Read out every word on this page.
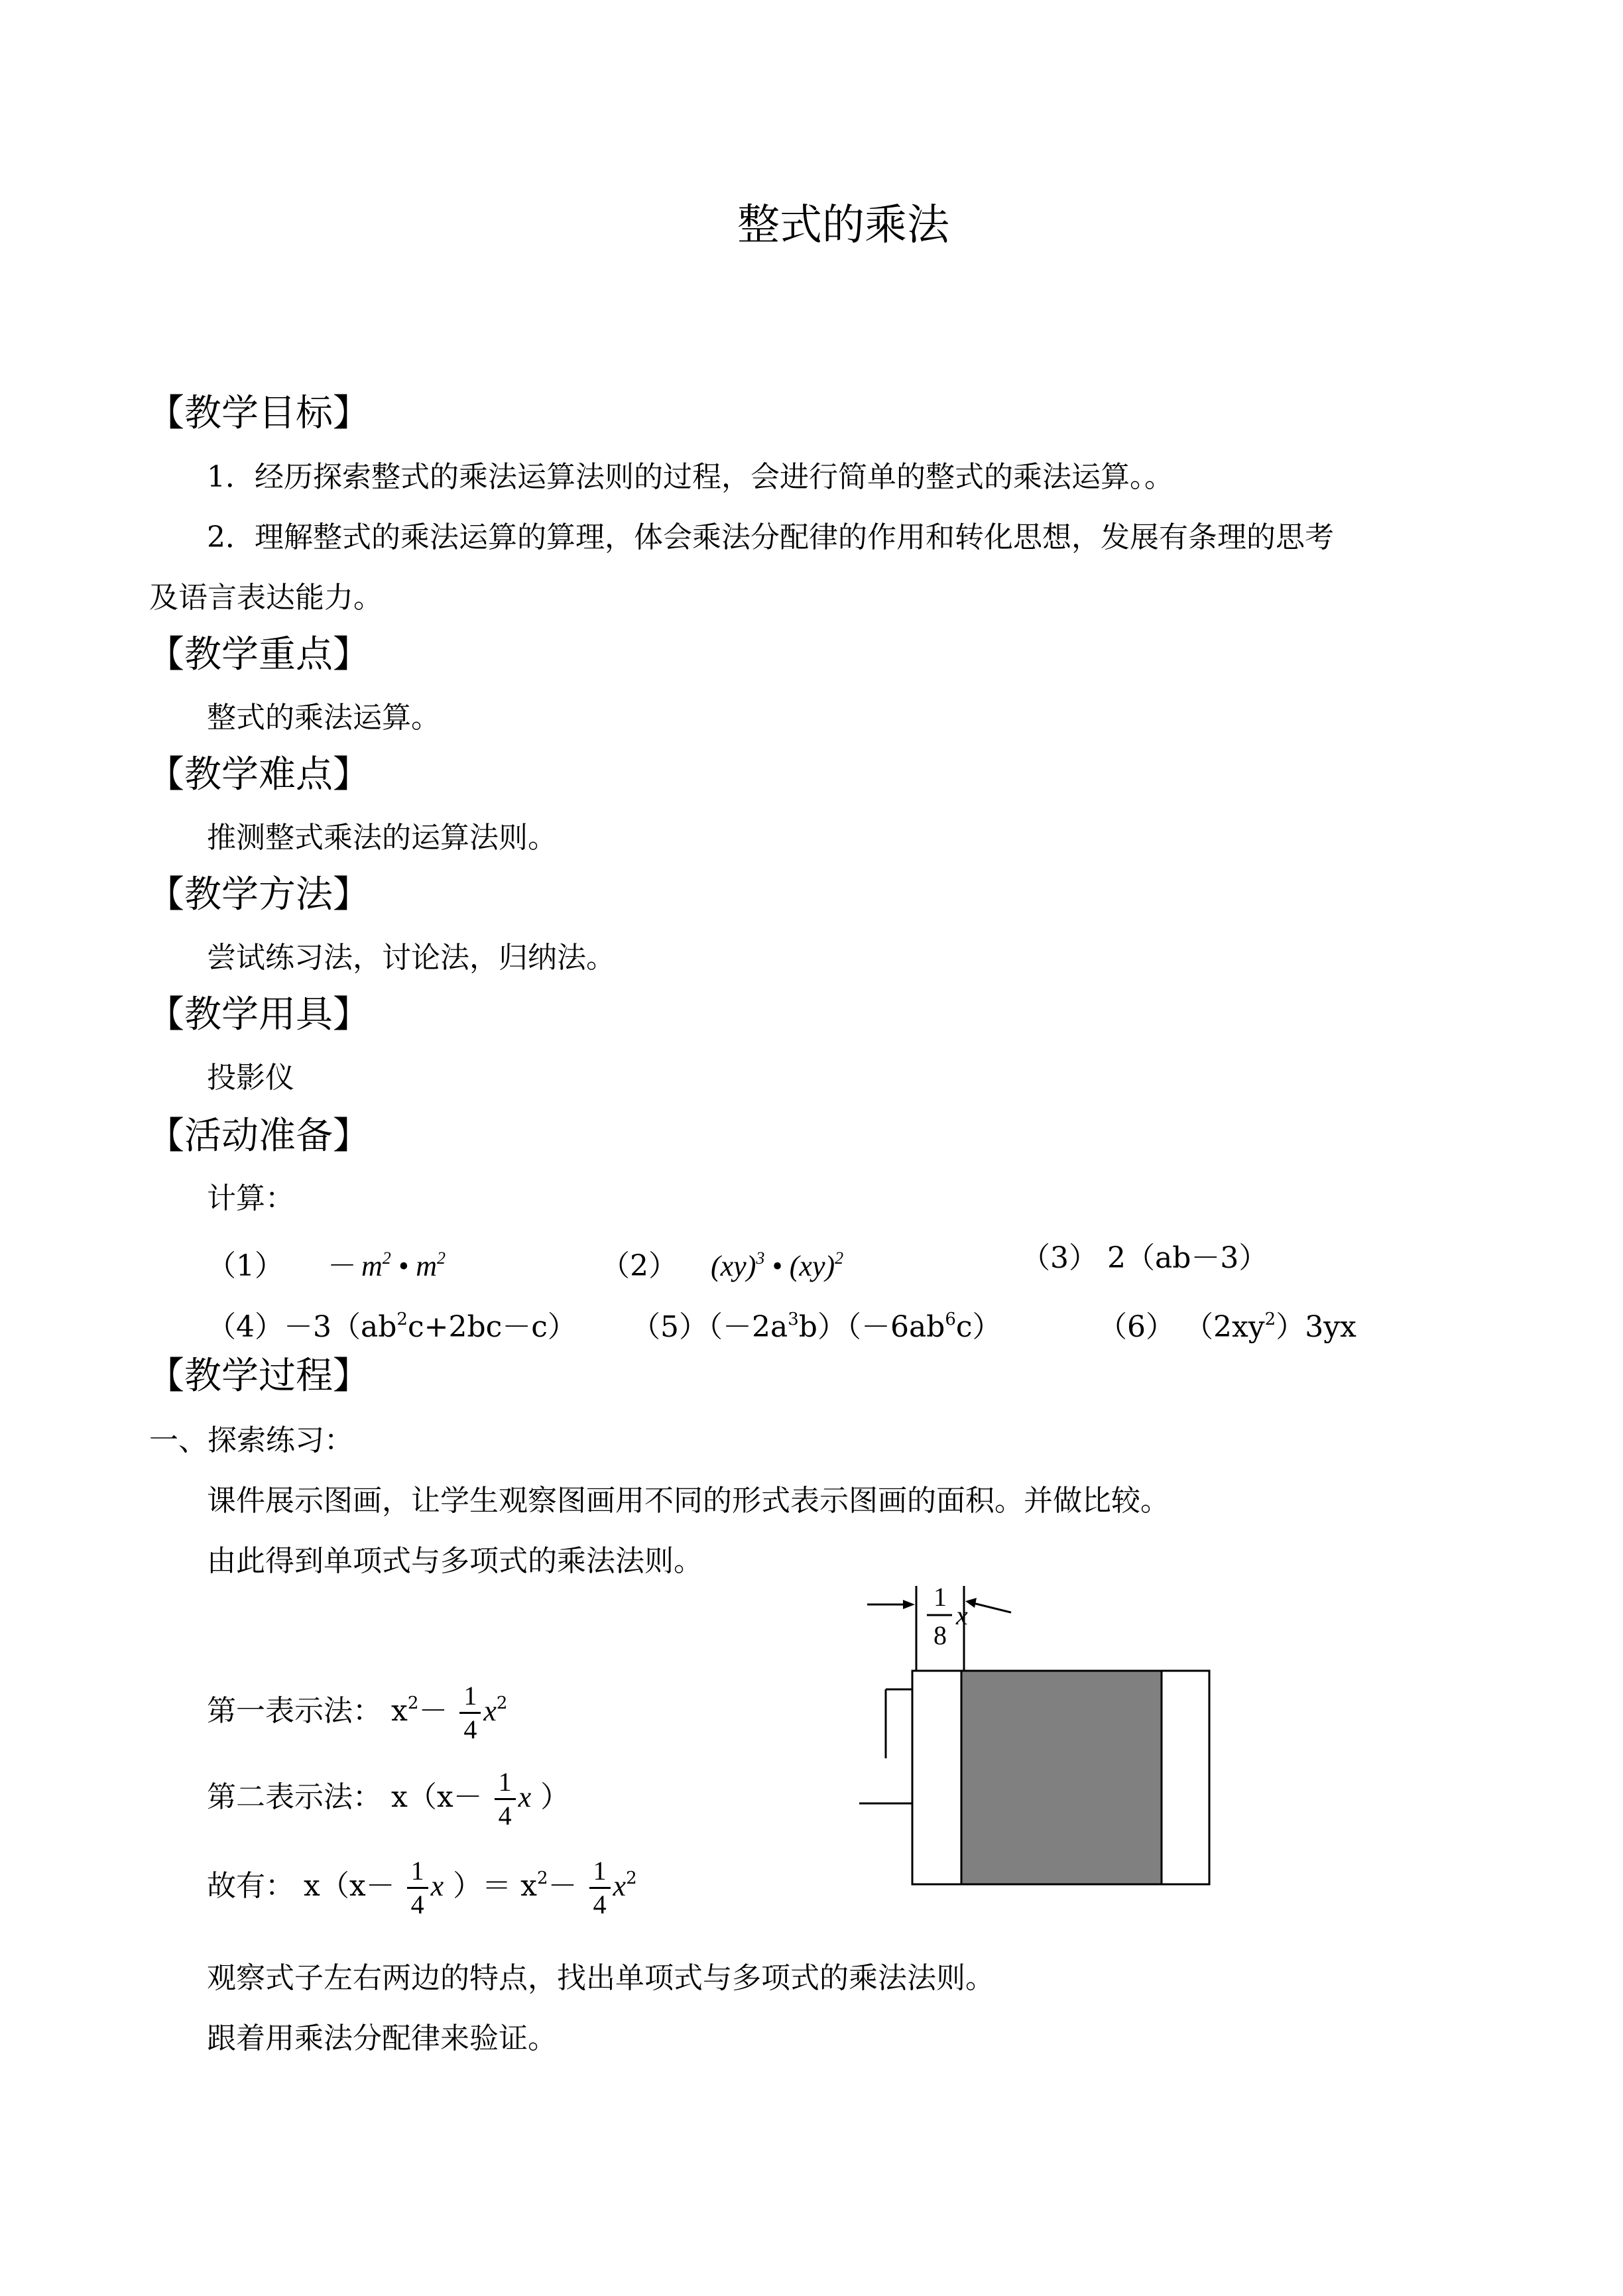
整式的乘法
【教学目标】
1．经历探索整式的乘法运算法则的过程，会进行简单的整式的乘法运算。。
2．理解整式的乘法运算的算理，体会乘法分配律的作用和转化思想，发展有条理的思考
及语言表达能力。
【教学重点】
整式的乘法运算。
【教学难点】
推测整式乘法的运算法则。
【教学方法】
尝试练习法，讨论法，归纳法。
【教学用具】
投影仪
【活动准备】
计算：
$(1) - m^2$ • $m^2$	（2） (xy)$^3$ • (xy)$^2$	（3） 2（ab－3）
$(4)-3(ab^2c+2bc-c)$ $(5)(-2a^3b)(-6ab^6c)$	（6） $(2xy^2)3yx$
【教学过程】
一、探索练习：
课件展示图画，让学生观察图画用不同的形式表示图画的面积。并做比较。
由此得到单项式与多项式的乘法法则。
第一表示法： $x^2- \frac{1}{4} x^2$
第二表示法： $x(x- \frac{1}{4}$ x ）
故有： $x(x- \frac{1}{4}$ x ）＝ $x^2- \frac{1}{4} x^2$
观察式子左右两边的特点，找出单项式与多项式的乘法法则。
跟着用乘法分配律来验证。
1
8
x
